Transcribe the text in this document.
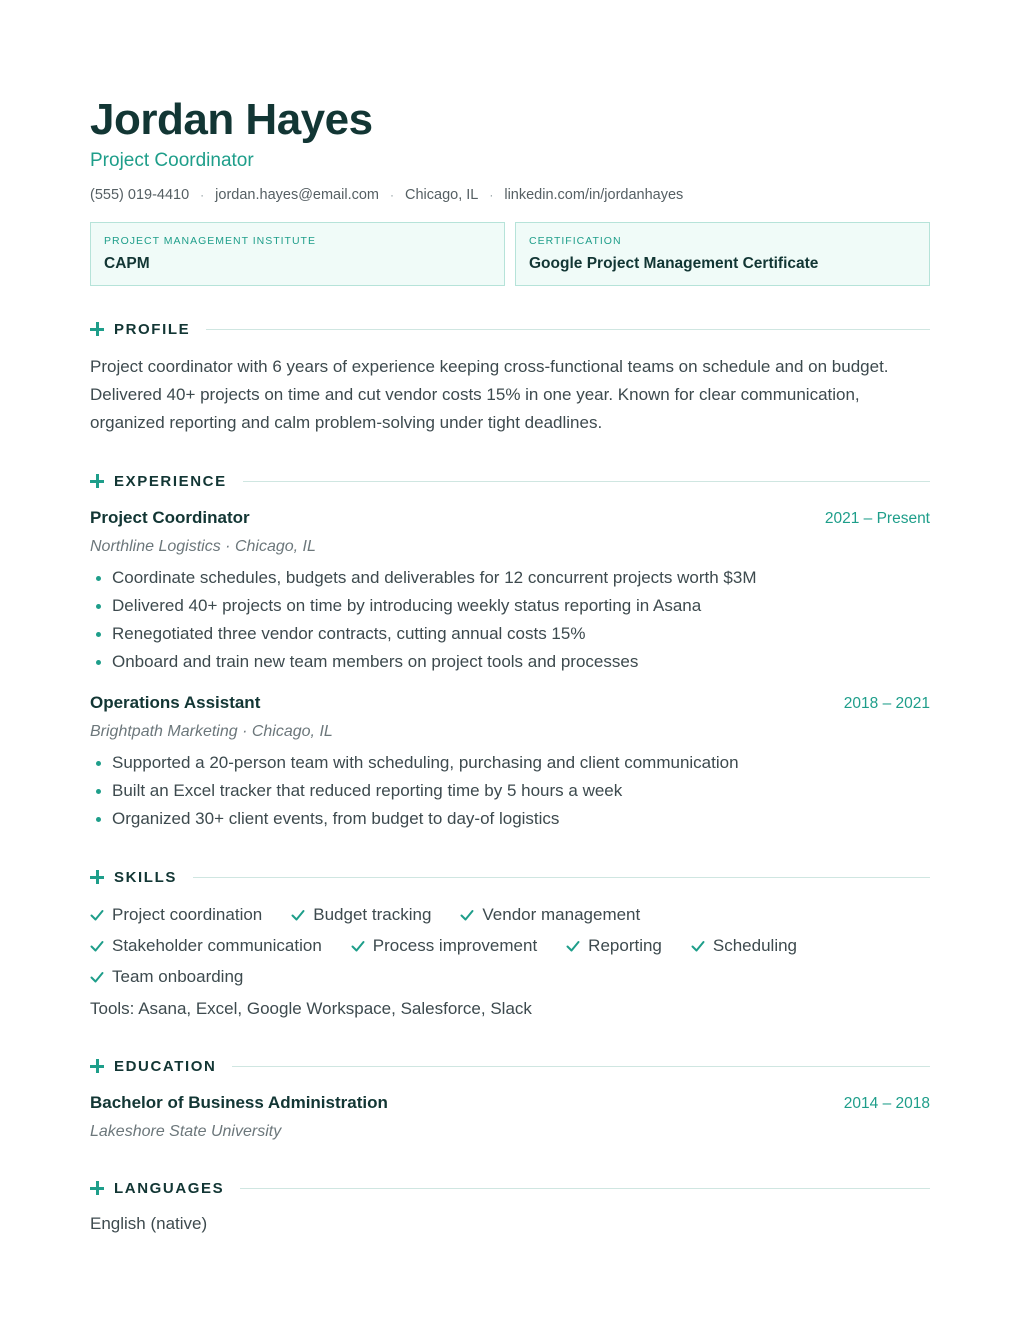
Jordan Hayes
Project Coordinator
(555) 019-4410 · jordan.hayes@email.com · Chicago, IL · linkedin.com/in/jordanhayes
PROJECT MANAGEMENT INSTITUTE
CAPM
CERTIFICATION
Google Project Management Certificate
PROFILE
Project coordinator with 6 years of experience keeping cross-functional teams on schedule and on budget. Delivered 40+ projects on time and cut vendor costs 15% in one year. Known for clear communication, organized reporting and calm problem-solving under tight deadlines.
EXPERIENCE
Project Coordinator	2021 – Present
Northline Logistics · Chicago, IL
Coordinate schedules, budgets and deliverables for 12 concurrent projects worth $3M
Delivered 40+ projects on time by introducing weekly status reporting in Asana
Renegotiated three vendor contracts, cutting annual costs 15%
Onboard and train new team members on project tools and processes
Operations Assistant	2018 – 2021
Brightpath Marketing · Chicago, IL
Supported a 20-person team with scheduling, purchasing and client communication
Built an Excel tracker that reduced reporting time by 5 hours a week
Organized 30+ client events, from budget to day-of logistics
SKILLS
Project coordination	Budget tracking	Vendor management
Stakeholder communication	Process improvement	Reporting	Scheduling
Team onboarding
Tools: Asana, Excel, Google Workspace, Salesforce, Slack
EDUCATION
Bachelor of Business Administration	2014 – 2018
Lakeshore State University
LANGUAGES
English (native)
